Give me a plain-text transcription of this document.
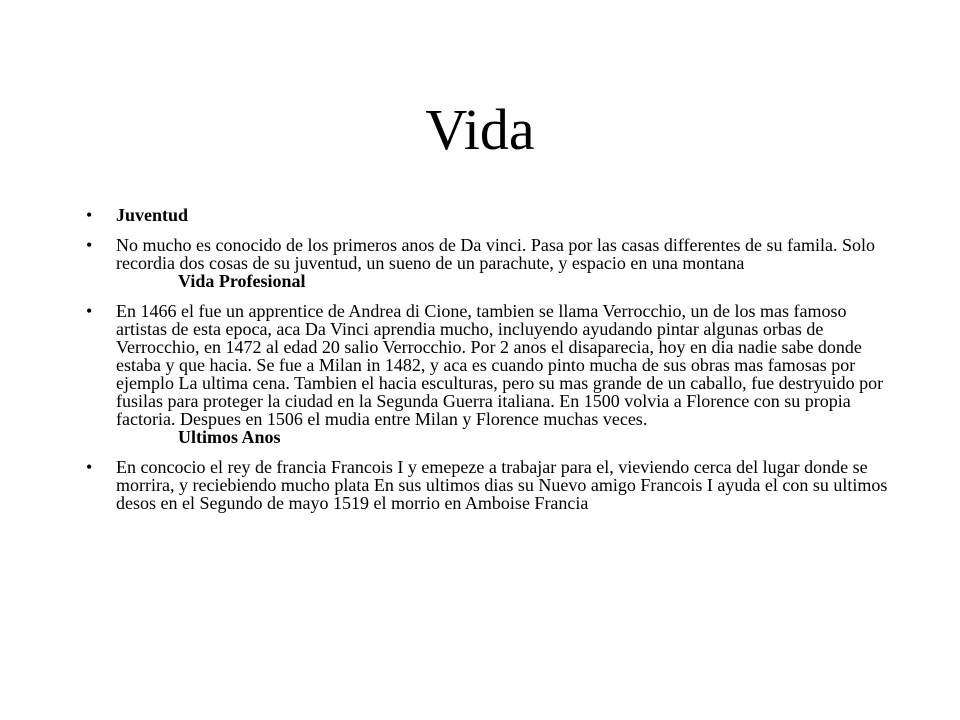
Vida
• Juventud
• No mucho es conocido de los primeros anos de Da vinci. Pasa por las casas differentes de su famila. Solo recordia dos cosas de su juventud, un sueno de un parachute, y espacio en una montana
Vida Profesional
• En 1466 el fue un apprentice de Andrea di Cione, tambien se llama Verrocchio, un de los mas famoso artistas de esta epoca, aca Da Vinci aprendia mucho, incluyendo ayudando pintar algunas orbas de Verrocchio, en 1472 al edad 20 salio Verrocchio. Por 2 anos el disaparecia, hoy en dia nadie sabe donde estaba y que hacia. Se fue a Milan in 1482, y aca es cuando pinto mucha de sus obras mas famosas por ejemplo La ultima cena. Tambien el hacia esculturas, pero su mas grande de un caballo, fue destryuido por fusilas para proteger la ciudad en la Segunda Guerra italiana. En 1500 volvia a Florence con su propia factoria. Despues en 1506 el mudia entre Milan y Florence muchas veces.
Ultimos Anos
• En concocio el rey de francia Francois I y emepeze a trabajar para el, vieviendo cerca del lugar donde se morrira, y reciebiendo mucho plata En sus ultimos dias su Nuevo amigo Francois I ayuda el con su ultimos desos en el Segundo de mayo 1519 el morrio en Amboise Francia
